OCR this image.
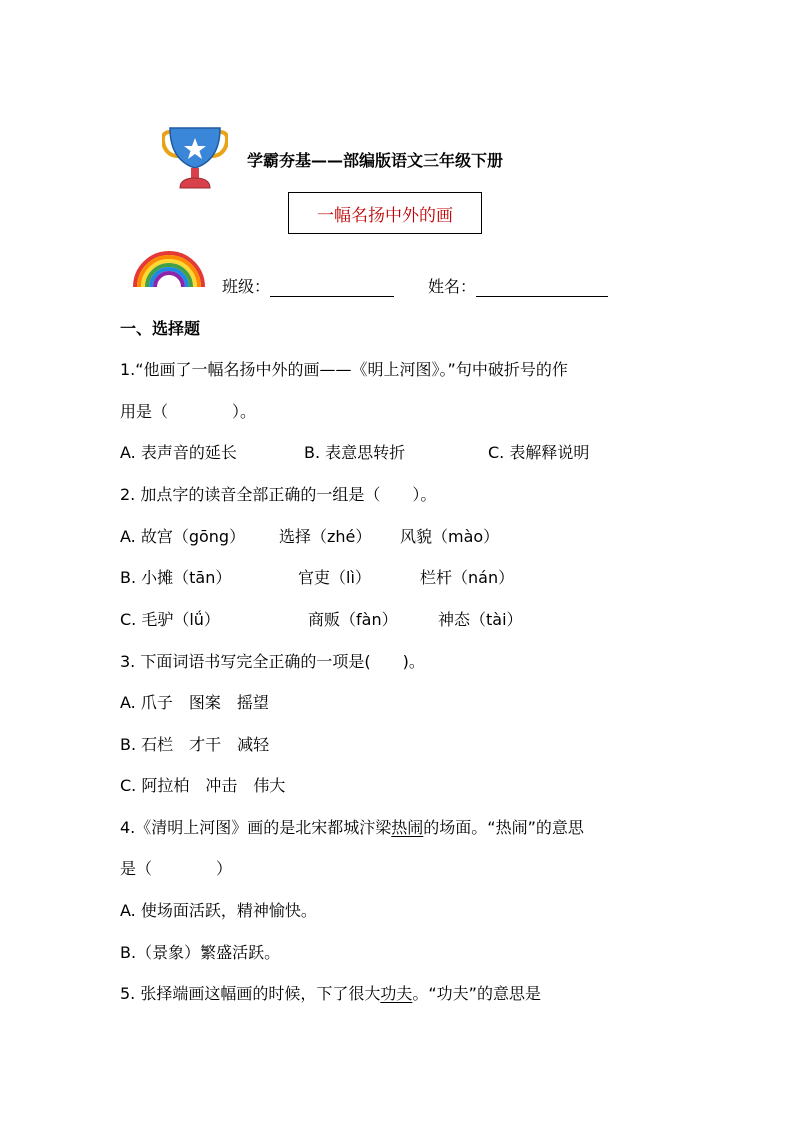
学霸夯基——部编版语文三年级下册
一幅名扬中外的画
班级：	姓名：
一、选择题
1.“他画了一幅名扬中外的画——《明上河图》。”句中破折号的作
用是（　　　　）。
A. 表声音的延长	B. 表意思转折	C. 表解释说明
2. 加点字的读音全部正确的一组是（　　）。
A. 故宫（gōng） 选择（zhé） 风貌（mào）
B. 小摊（tān）	官吏（lì）	栏杆（nán）
C. 毛驴（lǘ）	商贩（fàn）	神态（tài）
3. 下面词语书写完全正确的一项是(　　)。
A. 爪子　图案　摇望
B. 石栏　才干　减轻
C. 阿拉柏　冲击　伟大
4.《清明上河图》画的是北宋都城汴梁热闹的场面。“热闹”的意思
是（　　　　）
A. 使场面活跃，精神愉快。
B.（景象）繁盛活跃。
5. 张择端画这幅画的时候，下了很大功夫。“功夫”的意思是
